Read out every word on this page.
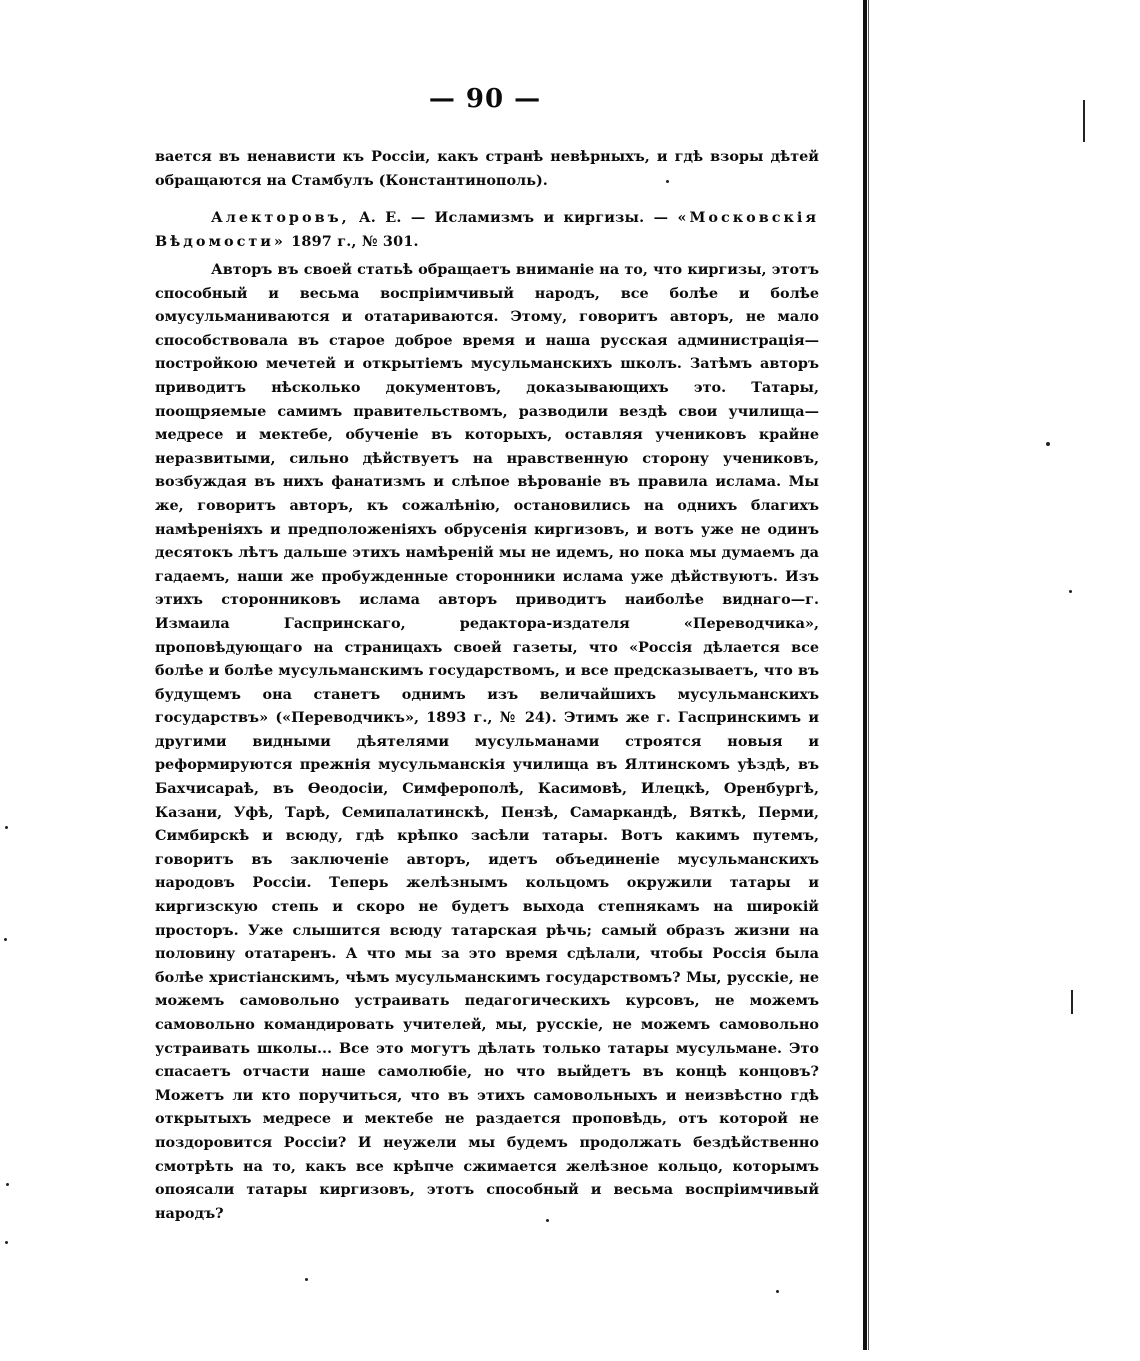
— 90 —

вается въ ненависти къ Россіи, какъ странѣ невѣрныхъ, и гдѣ взоры дѣтей обращаются на Стамбулъ (Константинополь).

Алекторовъ, А. Е. — Исламизмъ и киргизы. — «Московскія Вѣдомости» 1897 г., № 301.

Авторъ въ своей статьѣ обращаетъ вниманіе на то, что киргизы, этотъ способный и весьма воспріимчивый народъ, все болѣе и болѣе омусульманиваются и отатариваются. Этому, говоритъ авторъ, не мало способствовала въ старое доброе время и наша русская администрація—постройкою мечетей и открытіемъ мусульманскихъ школъ. Затѣмъ авторъ приводитъ нѣсколько документовъ, доказывающихъ это. Татары, поощряемые самимъ правительствомъ, разводили вездѣ свои училища—медресе и мектебе, обученіе въ которыхъ, оставляя учениковъ крайне неразвитыми, сильно дѣйствуетъ на нравственную сторону учениковъ, возбуждая въ нихъ фанатизмъ и слѣпое вѣрованіе въ правила ислама. Мы же, говоритъ авторъ, къ сожалѣнію, остановились на однихъ благихъ намѣреніяхъ и предположеніяхъ обрусенія киргизовъ, и вотъ уже не одинъ десятокъ лѣтъ дальше этихъ намѣреній мы не идемъ, но пока мы думаемъ да гадаемъ, наши же пробужденные сторонники ислама уже дѣйствуютъ. Изъ этихъ сторонниковъ ислама авторъ приводитъ наиболѣе виднаго—г. Измаила Гаспринскаго, редактора-издателя «Переводчика», проповѣдующаго на страницахъ своей газеты, что «Россія дѣлается все болѣе и болѣе мусульманскимъ государствомъ, и все предсказываетъ, что въ будущемъ она станетъ однимъ изъ величайшихъ мусульманскихъ государствъ» («Переводчикъ», 1893 г., № 24). Этимъ же г. Гаспринскимъ и другими видными дѣятелями мусульманами строятся новыя и реформируются прежнія мусульманскія училища въ Ялтинскомъ уѣздѣ, въ Бахчисараѣ, въ Ѳеодосіи, Симферополѣ, Касимовѣ, Илецкѣ, Оренбургѣ, Казани, Уфѣ, Тарѣ, Семипалатинскѣ, Пензѣ, Самаркандѣ, Вяткѣ, Перми, Симбирскѣ и всюду, гдѣ крѣпко засѣли татары. Вотъ какимъ путемъ, говоритъ въ заключеніе авторъ, идетъ объединеніе мусульманскихъ народовъ Россіи. Теперь желѣзнымъ кольцомъ окружили татары и киргизскую степь и скоро не будетъ выхода степнякамъ на широкій просторъ. Уже слышится всюду татарская рѣчь; самый образъ жизни на половину отатаренъ. А что мы за это время сдѣлали, чтобы Россія была болѣе христіанскимъ, чѣмъ мусульманскимъ государствомъ? Мы, русскіе, не можемъ самовольно устраивать педагогическихъ курсовъ, не можемъ самовольно командировать учителей, мы, русскіе, не можемъ самовольно устраивать школы... Все это могутъ дѣлать только татары мусульмане. Это спасаетъ отчасти наше самолюбіе, но что выйдетъ въ концѣ концовъ? Можетъ ли кто поручиться, что въ этихъ самовольныхъ и неизвѣстно гдѣ открытыхъ медресе и мектебе не раздается проповѣдь, отъ которой не поздоровится Россіи? И неужели мы будемъ продолжать бездѣйственно смотрѣть на то, какъ все крѣпче сжимается желѣзное кольцо, которымъ опоясали татары киргизовъ, этотъ способный и весьма воспріимчивый народъ?
